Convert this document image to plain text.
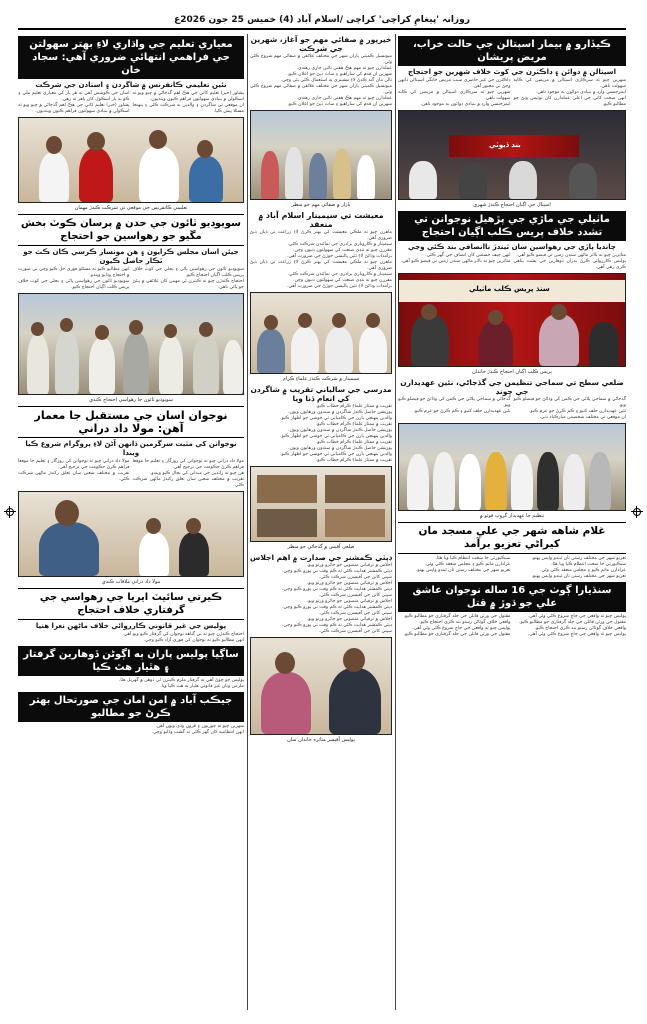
روزانہ 'پیغامِ کراچی' کراچی /اسلام آباد (4) خمیس 25 جون 2026ع
معياري تعليم جي واڌاري لاءِ بهتر سهولتن جي فراهمي انتهائي ضروري آهي: سجاد خان
نئين تعليمي ڪانفرنس ۾ شاگردن ۽ استادن جي شرڪت
پشاور (خبر) تعليم کاتي جي هڪ اهم گڏجاڻي ۾ چيو ويو ته اسڪولن ۾ بنيادي سهولتون فراهم ڪيون وينديون.
ان موقعي تي شاگردن ۽ والدين به شرڪت ڪئي ۽ پنهنجا مسئلا پيش ڪيا.
اسان جي ڪوشش آهي ته هر ٻار کي معياري تعليم ملي ۽ ڪو به ٻار اسڪول کان ٻاهر نه رهي.
پشاور (خبر) تعليم کاتي جي هڪ اهم گڏجاڻي ۾ چيو ويو ته اسڪولن ۾ بنيادي سهولتون فراهم ڪيون وينديون.
تعليمي ڪانفرنس جي موقعي تي شرڪت ڪندڙ مهمان
سويوڊيو ٽائون جي حدن ۾ پرسان ڪوٽ بخش مڱيو جو رهواسين جو احتجاج
جيئن اسان مجلس ڪرايون ۽ هن مونسار ڪرسي ڪان ڪٿ جو ٿڪار حاصل ڪيون
سويوڊيو ٽائون جي رهواسين پاڻي ۽ بجلي جي کوٽ خلاف پريس ڪلب اڳيان احتجاج ڪيو.
احتجاج ڪندڙن چيو ته ڪيترن ئي مهينن کان علائقي ۾ پيئڻ جو پاڻي ناهي.
انهن مطالبو ڪيو ته مسئلو فوري حل ڪيو وڃي ٻي صورت ۾ احتجاج وڌايو ويندو.
سويوڊيو ٽائون جي رهواسين پاڻي ۽ بجلي جي کوٽ خلاف پريس ڪلب اڳيان احتجاج ڪيو.
سويوڊيو ٽائون جا رهواسي احتجاج ڪندي
نوجوان اسان جي مستقبل جا معمار آهن: مولا داد دراني
نوجوانن کي مثبت سرگرمين ڏانهن آڻڻ لاءِ پروگرام شروع ڪيا ويندا
مولا داد دراني چيو ته نوجوانن کي روزگار ۽ تعليم جا موقعا فراهم ڪرڻ حڪومت جي ترجيح آهي.
هن چيو ته راندين جي ميدانن کي بحال ڪيو ويندو.
تقريب ۾ مختلف شعبن سان تعلق رکندڙ ماڻهن شرڪت ڪئي.
مولا داد دراني چيو ته نوجوانن کي روزگار ۽ تعليم جا موقعا فراهم ڪرڻ حڪومت جي ترجيح آهي.
تقريب ۾ مختلف شعبن سان تعلق رکندڙ ماڻهن شرڪت ڪئي.
مولا داد دراني ملاقات ڪندي
ڪيرتي سائيٽ ايريا جي رهواسي جي گرفتاري خلاف احتجاج
پوليس جي غير قانوني ڪارروائي خلاف ماڻهن نعرا هنيا
احتجاج ڪندڙن چيو ته بي گناهه نوجوان کي گرفتار ڪيو ويو آهي.
انهن مطالبو ڪيو ته نوجوان کي فوري آزاد ڪيو وڃي.
ساڳيا پوليس پاران ٻه اڳوڻن ڏوهارين گرفتار ۽ هٿيار هٿ ڪيا
پوليس جو چوڻ آهي ته گرفتار ملزم ڪيترن ئي ڏوهن ۾ گهربل هئا.
ملزمن وٽان غير قانوني هٿيار به هٿ ڪيا ويا.
جيڪب آباد ۾ امن امان جي صورتحال بهتر ڪرڻ جو مطالبو
شهرين چيو ته چوريون ۽ ڦرون وڌي ويون آهن.
انهن انتظاميه کان گهر ڪئي ته گشت وڌايو وڃي.
خيرپور ۾ صفائي مهم جو آغاز، شهرين جي شرڪت
ميونسپل ڪميٽي پاران شهر جي مختلف علائقن ۾ صفائي مهم شروع ڪئي وئي.
عملدارن چيو ته مهم هڪ هفتي تائين جاري رهندي.
شهرين ان قدم کي ساراهيو ۽ ساٿ ڏيڻ جو اعلان ڪيو.
نالن مان گند ڪڍڻ لاءِ مشينري به استعمال ڪئي پئي وڃي.
ميونسپل ڪميٽي پاران شهر جي مختلف علائقن ۾ صفائي مهم شروع ڪئي وئي.
عملدارن چيو ته مهم هڪ هفتي تائين جاري رهندي.
شهرين ان قدم کي ساراهيو ۽ ساٿ ڏيڻ جو اعلان ڪيو.
بازار ۾ صفائي مهم جو منظر
معيشت تي سيمينار اسلام آباد ۾ منعقد
ماهرن چيو ته ملڪي معيشت کي بهتر ڪرڻ لاءِ زراعت تي ڌيان ڏيڻ ضروري آهي.
سيمينار ۾ ڪاروباري برادري جي نمائندن شرڪت ڪئي.
مقررن چيو ته ننڍي صنعت کي سهولتون ڏنيون وڃن.
برآمدات وڌائڻ لاءِ نئين پاليسي جوڙڻ جي ضرورت آهي.
ماهرن چيو ته ملڪي معيشت کي بهتر ڪرڻ لاءِ زراعت تي ڌيان ڏيڻ ضروري آهي.
سيمينار ۾ ڪاروباري برادري جي نمائندن شرڪت ڪئي.
مقررن چيو ته ننڍي صنعت کي سهولتون ڏنيون وڃن.
برآمدات وڌائڻ لاءِ نئين پاليسي جوڙڻ جي ضرورت آهي.
سيمينار ۾ شرڪت ڪندڙ علماءِ ڪرام
مدرسي جي سالياني تقريب ۾ شاگردن کي انعام ڏنا ويا
تقريب ۾ ممتاز علماءِ ڪرام خطاب ڪيو.
پوزيشن حاصل ڪندڙ شاگردن ۾ سندون ورهايون ويون.
والدين پنهنجي ٻارن جي ڪاميابي تي خوشي جو اظهار ڪيو.
تقريب ۾ ممتاز علماءِ ڪرام خطاب ڪيو.
پوزيشن حاصل ڪندڙ شاگردن ۾ سندون ورهايون ويون.
والدين پنهنجي ٻارن جي ڪاميابي تي خوشي جو اظهار ڪيو.
تقريب ۾ ممتاز علماءِ ڪرام خطاب ڪيو.
پوزيشن حاصل ڪندڙ شاگردن ۾ سندون ورهايون ويون.
والدين پنهنجي ٻارن جي ڪاميابي تي خوشي جو اظهار ڪيو.
تقريب ۾ ممتاز علماءِ ڪرام خطاب ڪيو.
ضلعي آفيس ۾ گڏجاڻي جو منظر
ڊپٽي ڪمشنر جي صدارت ۾ اهم اجلاس
اجلاس ۾ ترقياتي منصوبن جو جائزو ورتو ويو.
ڊپٽي ڪمشنر هدايت ڪئي ته ڪم وقت تي پورو ڪيو وڃي.
سڀني کاتن جي آفيسرن شرڪت ڪئي.
اجلاس ۾ ترقياتي منصوبن جو جائزو ورتو ويو.
ڊپٽي ڪمشنر هدايت ڪئي ته ڪم وقت تي پورو ڪيو وڃي.
سڀني کاتن جي آفيسرن شرڪت ڪئي.
اجلاس ۾ ترقياتي منصوبن جو جائزو ورتو ويو.
ڊپٽي ڪمشنر هدايت ڪئي ته ڪم وقت تي پورو ڪيو وڃي.
سڀني کاتن جي آفيسرن شرڪت ڪئي.
اجلاس ۾ ترقياتي منصوبن جو جائزو ورتو ويو.
ڊپٽي ڪمشنر هدايت ڪئي ته ڪم وقت تي پورو ڪيو وڃي.
سڀني کاتن جي آفيسرن شرڪت ڪئي.
پوليس آفيسر متاثره خاندان سان
ڪيڏارو ۾ بيمار اسپتالن جي حالت خراب، مريض پريشان
اسپتالن ۾ دوائن ۽ ڊاڪٽرن جي کوٽ خلاف شهرين جو احتجاج
شهرين چيو ته سرڪاري اسپتالن ۾ مريضن کي ڪابه سهولت ناهي.
ايمرجنسي وارڊ ۾ بنيادي دوائون به موجود ناهن.
انهن صحت کاتي جي اعليٰ عملدارن کان نوٽيس وٺڻ جو مطالبو ڪيو.
ڊاڪٽرن جي غير حاضري سبب مريض خانگي اسپتالن ڏانهن وڃڻ تي مجبور آهن.
شهرين چيو ته سرڪاري اسپتالن ۾ مريضن کي ڪابه سهولت ناهي.
ايمرجنسي وارڊ ۾ بنيادي دوائون به موجود ناهن.
بند ڏيوٽي
اسپتال جي اڳيان احتجاج ڪندڙ شهري
ماٺيلي جي ماڙي جي پڙهيل نوجوانن تي تشدد خلاف پريس ڪلب اڳيان احتجاج
چانديا پاڙي جي رهواسين سان ٿيندڙ ناانصافي بند ڪئي وڃي
متاثرين چيو ته بااثر ماڻهن سندن زمين تي قبضو ڪيو آهي.
پوليس ڪارروائي ڪرڻ بدران ڏوهارين جي پشت پناهي ڪري رهي آهي.
انهن چيف جسٽس کان انصاف جي گهر ڪئي.
متاثرين چيو ته بااثر ماڻهن سندن زمين تي قبضو ڪيو آهي.
سنڌ پريس ڪلب ماٺيلي
پريس ڪلب اڳيان احتجاج ڪندڙ خاندان
ضلعي سطح تي سماجي تنظيمن جي گڏجاڻي، نئين عهديدارن جي چونڊ
گڏجاڻي ۾ سماجي ڀلائي جي ڪمن کي وڌائڻ جو فيصلو ڪيو ويو.
نئين عهديدارن حلف کنيو ۽ ڪم ڪرڻ جو عزم ڪيو.
ان موقعي تي مختلف شخصيتن مبارڪباد ڏني.
گڏجاڻي ۾ سماجي ڀلائي جي ڪمن کي وڌائڻ جو فيصلو ڪيو ويو.
نئين عهديدارن حلف کنيو ۽ ڪم ڪرڻ جو عزم ڪيو.
تنظيم جا عهديدار گروپ فوٽو ۾
غلام شاهه شهر جي علي مسجد مان کيراڻي تعزيو برآمد
تعزيو شهر جي مختلف رستن تان ٿيندو واپس پهتو.
سيڪيورٽي جا سخت انتظام ڪيا ويا هئا.
عزادارن ماتم ڪيو ۽ مجلس منعقد ڪئي وئي.
تعزيو شهر جي مختلف رستن تان ٿيندو واپس پهتو.
سيڪيورٽي جا سخت انتظام ڪيا ويا هئا.
عزادارن ماتم ڪيو ۽ مجلس منعقد ڪئي وئي.
تعزيو شهر جي مختلف رستن تان ٿيندو واپس پهتو.
سنڌيارا ڳوٺ جي 16 ساله نوجوان عاشق علي جو ڌوڙ ۾ قتل
پوليس چيو ته واقعي جي جاچ شروع ڪئي وئي آهي.
مقتول جي ورثن قاتلن جي جلد گرفتاري جو مطالبو ڪيو.
واقعي خلاف ڳوٺاڻن رستو بند ڪري احتجاج ڪيو.
پوليس چيو ته واقعي جي جاچ شروع ڪئي وئي آهي.
مقتول جي ورثن قاتلن جي جلد گرفتاري جو مطالبو ڪيو.
واقعي خلاف ڳوٺاڻن رستو بند ڪري احتجاج ڪيو.
پوليس چيو ته واقعي جي جاچ شروع ڪئي وئي آهي.
مقتول جي ورثن قاتلن جي جلد گرفتاري جو مطالبو ڪيو.
